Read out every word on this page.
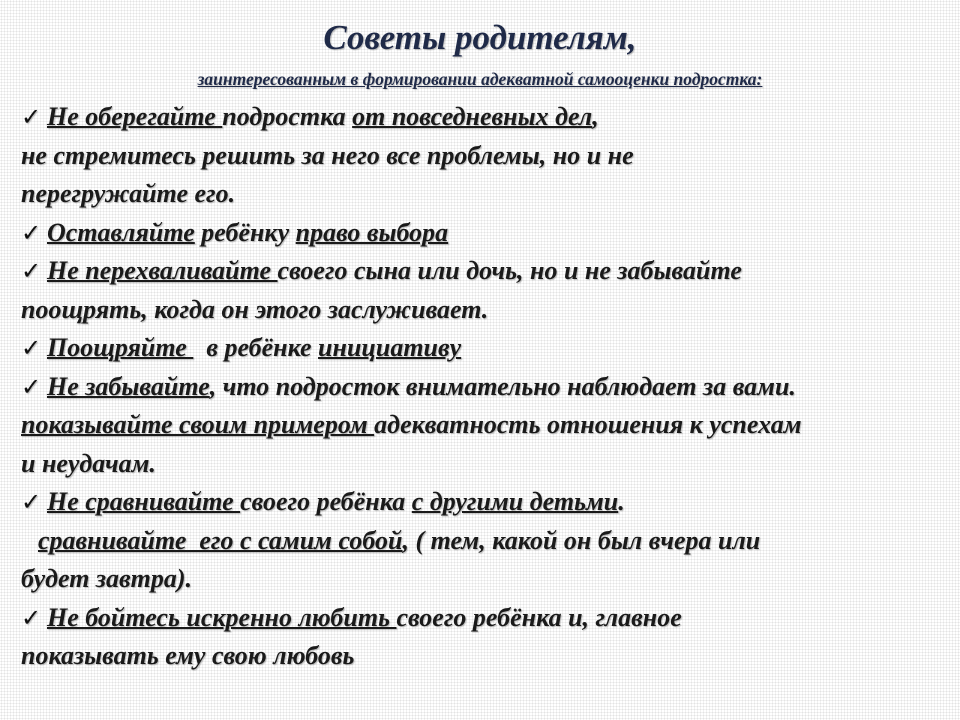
Советы родителям,
заинтересованным в формировании адекватной самооценки подростка:

✓ Не оберегайте подростка от повседневных дел,

не стремитесь решить за него все проблемы, но и не

перегружайте его.

✓ Оставляйте ребёнку право выбора

✓ Не перехваливайте своего сына или дочь, но и не забывайте

поощрять, когда он этого заслуживает.

✓ Поощряйте   в ребёнке инициативу

✓ Не забывайте, что подросток внимательно наблюдает за вами.

показывайте своим примером адекватность отношения к успехам

и неудачам.

✓ Не сравнивайте своего ребёнка с другими детьми.

сравнивайте  его с самим собой, ( тем, какой он был вчера или

будет завтра).

✓ Не бойтесь искренно любить своего ребёнка и, главное

показывать ему свою любовь
